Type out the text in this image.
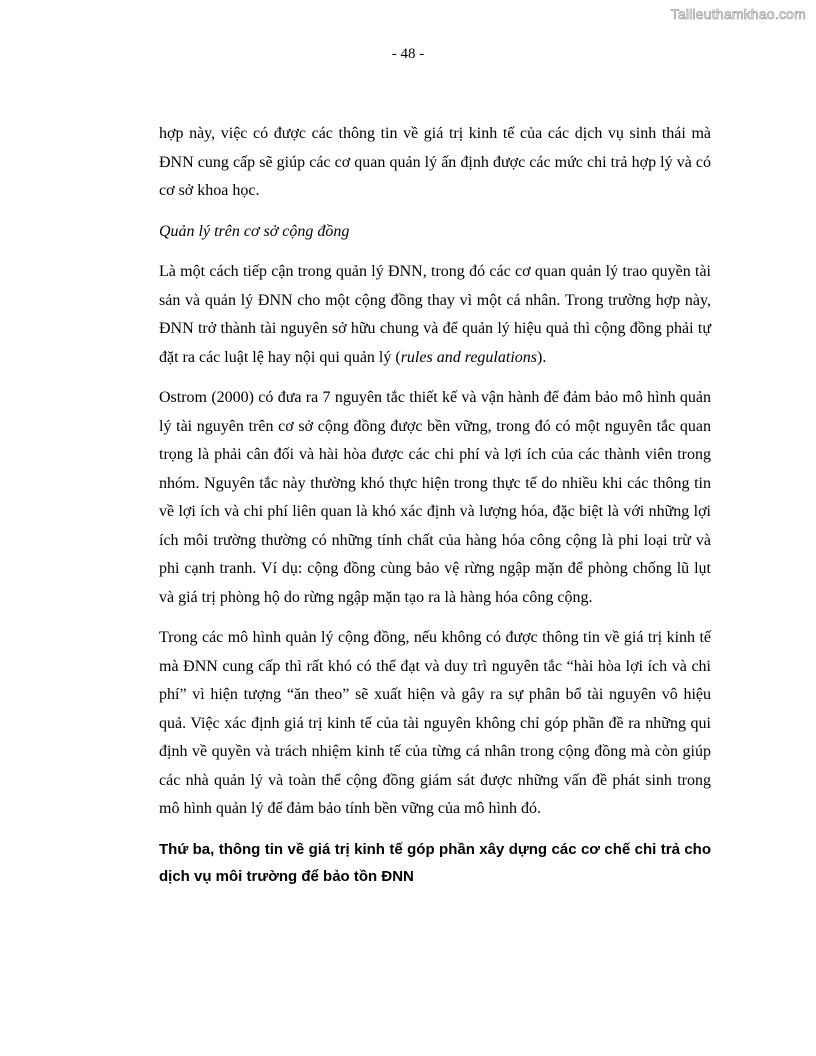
Tailieuthamkhao.com
- 48 -

hợp này, việc có được các thông tin về giá trị kinh tế của các dịch vụ sinh thái mà ĐNN cung cấp sẽ giúp các cơ quan quản lý ấn định được các mức chi trả hợp lý và có cơ sở khoa học.

Quản lý trên cơ sở cộng đồng

Là một cách tiếp cận trong quản lý ĐNN, trong đó các cơ quan quản lý trao quyền tài sản và quản lý ĐNN cho một cộng đồng thay vì một cá nhân. Trong trường hợp này, ĐNN trở thành tài nguyên sở hữu chung và để quản lý hiệu quả thì cộng đồng phải tự đặt ra các luật lệ hay nội qui quản lý (rules and regulations).

Ostrom (2000) có đưa ra 7 nguyên tắc thiết kế và vận hành để đảm bảo mô hình quản lý tài nguyên trên cơ sở cộng đồng được bền vững, trong đó có một nguyên tắc quan trọng là phải cân đối và hài hòa được các chi phí và lợi ích của các thành viên trong nhóm. Nguyên tắc này thường khó thực hiện trong thực tế do nhiều khi các thông tin về lợi ích và chi phí liên quan là khó xác định và lượng hóa, đặc biệt là với những lợi ích môi trường thường có những tính chất của hàng hóa công cộng là phi loại trừ và phi cạnh tranh. Ví dụ: cộng đồng cùng bảo vệ rừng ngập mặn để phòng chống lũ lụt và giá trị phòng hộ do rừng ngập mặn tạo ra là hàng hóa công cộng.

Trong các mô hình quản lý cộng đồng, nếu không có được thông tin về giá trị kinh tế mà ĐNN cung cấp thì rất khó có thể đạt và duy trì nguyên tắc “hài hòa lợi ích và chi phí” vì hiện tượng “ăn theo” sẽ xuất hiện và gây ra sự phân bổ tài nguyên vô hiệu quả. Việc xác định giá trị kinh tế của tài nguyên không chỉ góp phần đề ra những qui định về quyền và trách nhiệm kinh tế của từng cá nhân trong cộng đồng mà còn giúp các nhà quản lý và toàn thể cộng đồng giám sát được những vấn đề phát sinh trong mô hình quản lý để đảm bảo tính bền vững của mô hình đó.

Thứ ba, thông tin về giá trị kinh tế góp phần xây dựng các cơ chế chi trả cho dịch vụ môi trường để bảo tồn ĐNN
